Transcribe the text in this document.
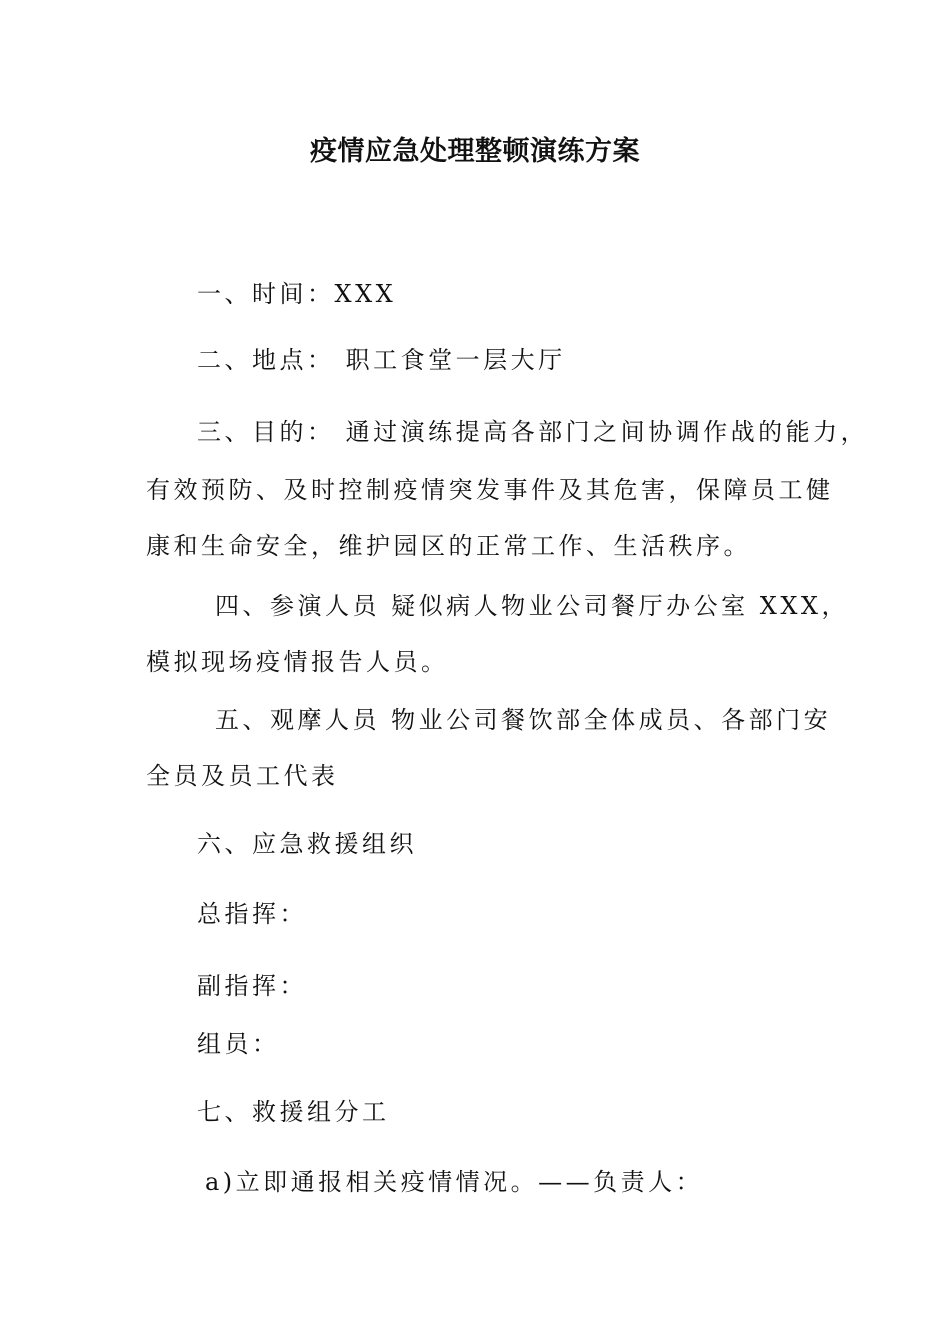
疫情应急处理整顿演练方案
一、时间：XXX
二、地点： 职工食堂一层大厅
三、目的： 通过演练提高各部门之间协调作战的能力，
有效预防、及时控制疫情突发事件及其危害，保障员工健
康和生命安全，维护园区的正常工作、生活秩序。
四、参演人员 疑似病人物业公司餐厅办公室 XXX，
模拟现场疫情报告人员。
五、观摩人员 物业公司餐饮部全体成员、各部门安
全员及员工代表
六、应急救援组织
总指挥：
副指挥：
组员：
七、救援组分工
a)立即通报相关疫情情况。——负责人：
